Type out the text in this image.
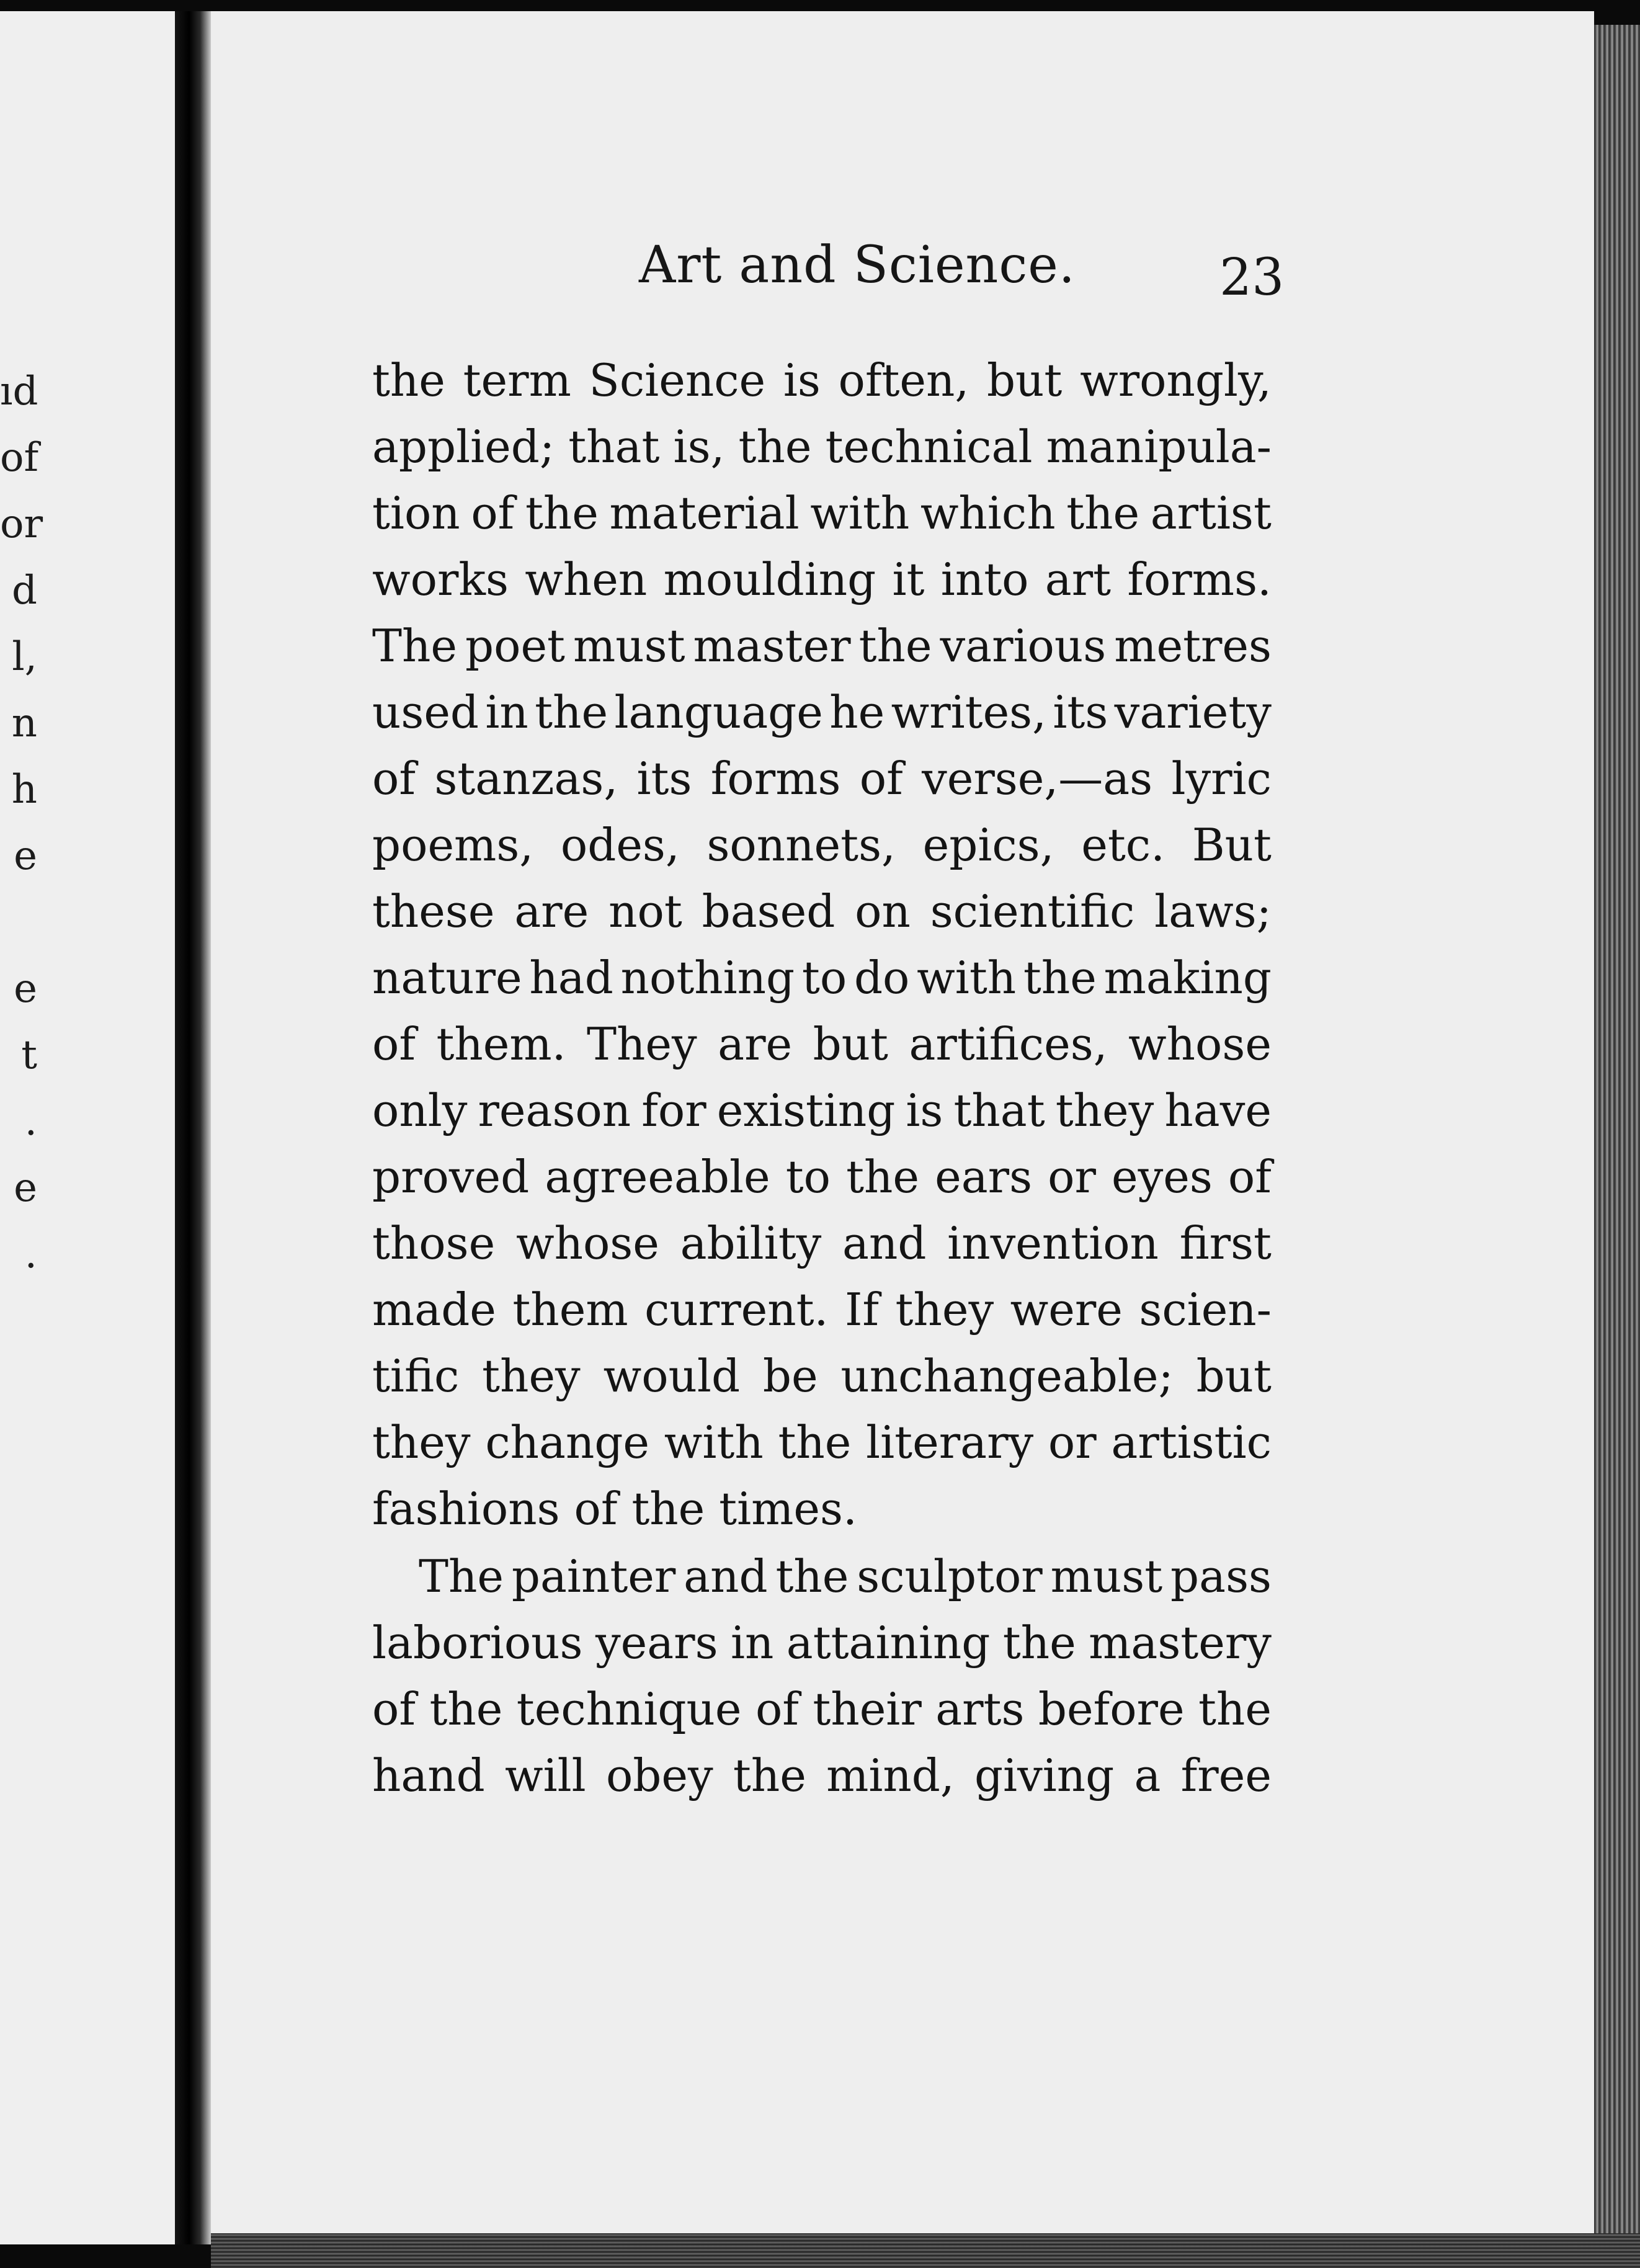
ıd
of
or
d
l,
n
h
e
e
t
.
e
.
Art and Science.	23
the term Science is often, but wrongly,
applied; that is, the technical manipula-
tion of the material with which the artist
works when moulding it into art forms.
The poet must master the various metres
used in the language he writes, its variety
of stanzas, its forms of verse,—as lyric
poems, odes, sonnets, epics, etc. But
these are not based on scientific laws;
nature had nothing to do with the making
of them. They are but artifices, whose
only reason for existing is that they have
proved agreeable to the ears or eyes of
those whose ability and invention first
made them current. If they were scien-
tific they would be unchangeable; but
they change with the literary or artistic
fashions of the times.
The painter and the sculptor must pass
laborious years in attaining the mastery
of the technique of their arts before the
hand will obey the mind, giving a free
